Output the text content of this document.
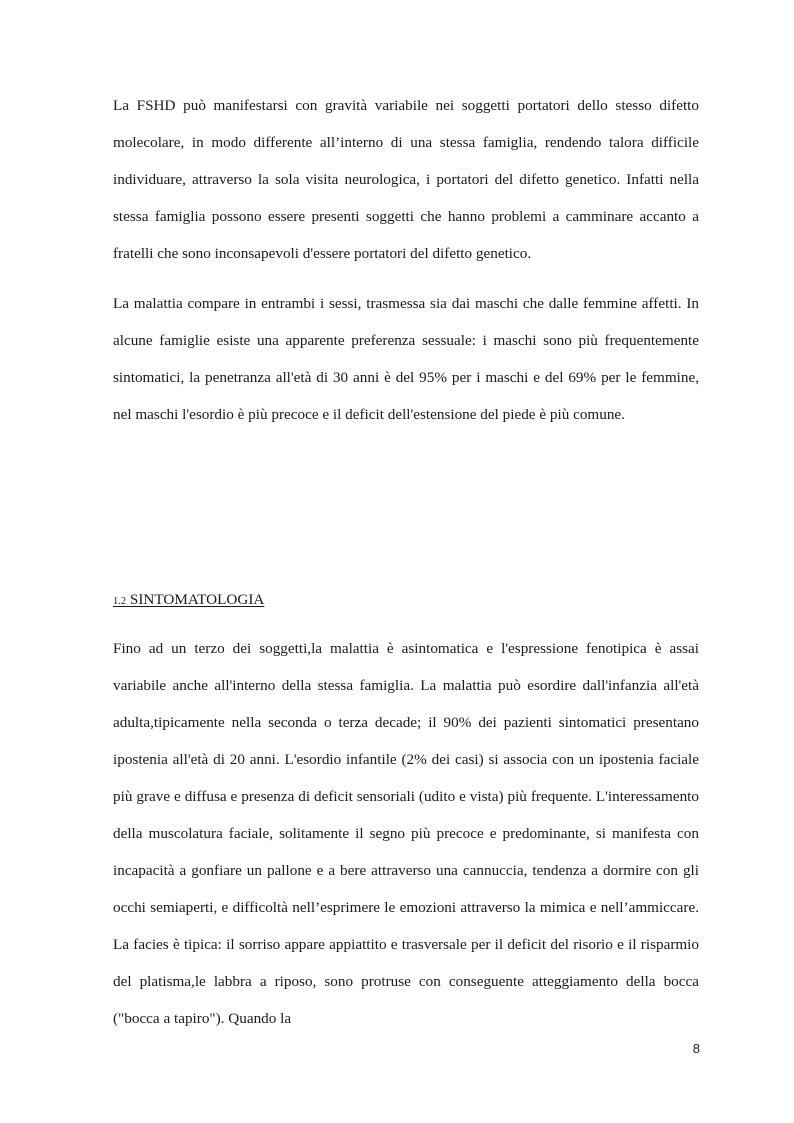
La FSHD può manifestarsi con gravità variabile nei soggetti portatori dello stesso difetto molecolare, in modo differente all’interno di una stessa famiglia, rendendo talora difficile individuare, attraverso la sola visita neurologica, i portatori del difetto genetico. Infatti nella stessa famiglia possono essere presenti soggetti che hanno problemi a camminare accanto a fratelli che sono inconsapevoli d'essere portatori del difetto genetico.

La malattia compare in entrambi i sessi, trasmessa sia dai maschi che dalle femmine affetti. In alcune famiglie esiste una apparente preferenza sessuale: i maschi sono più frequentemente sintomatici, la penetranza all'età di 30 anni è del 95% per i maschi e del 69% per le femmine, nel maschi l'esordio è più precoce e il deficit dell'estensione del piede è più comune.

1.2 SINTOMATOLOGIA

Fino ad un terzo dei soggetti,la malattia è asintomatica e l'espressione fenotipica è assai variabile anche all'interno della stessa famiglia. La malattia può esordire dall'infanzia all'età adulta,tipicamente nella seconda o terza decade; il 90% dei pazienti sintomatici presentano ipostenia all'età di 20 anni. L'esordio infantile (2% dei casi) si associa con un ipostenia faciale più grave e diffusa e presenza di deficit sensoriali (udito e vista) più frequente. L'interessamento della muscolatura faciale, solitamente il segno più precoce e predominante, si manifesta con incapacità a gonfiare un pallone e a bere attraverso una cannuccia, tendenza a dormire con gli occhi semiaperti, e difficoltà nell’esprimere le emozioni attraverso la mimica e nell’ammiccare. La facies è tipica: il sorriso appare appiattito e trasversale per il deficit del risorio e il risparmio del platisma,le labbra a riposo, sono protruse con conseguente atteggiamento della bocca ("bocca a tapiro"). Quando la

8
